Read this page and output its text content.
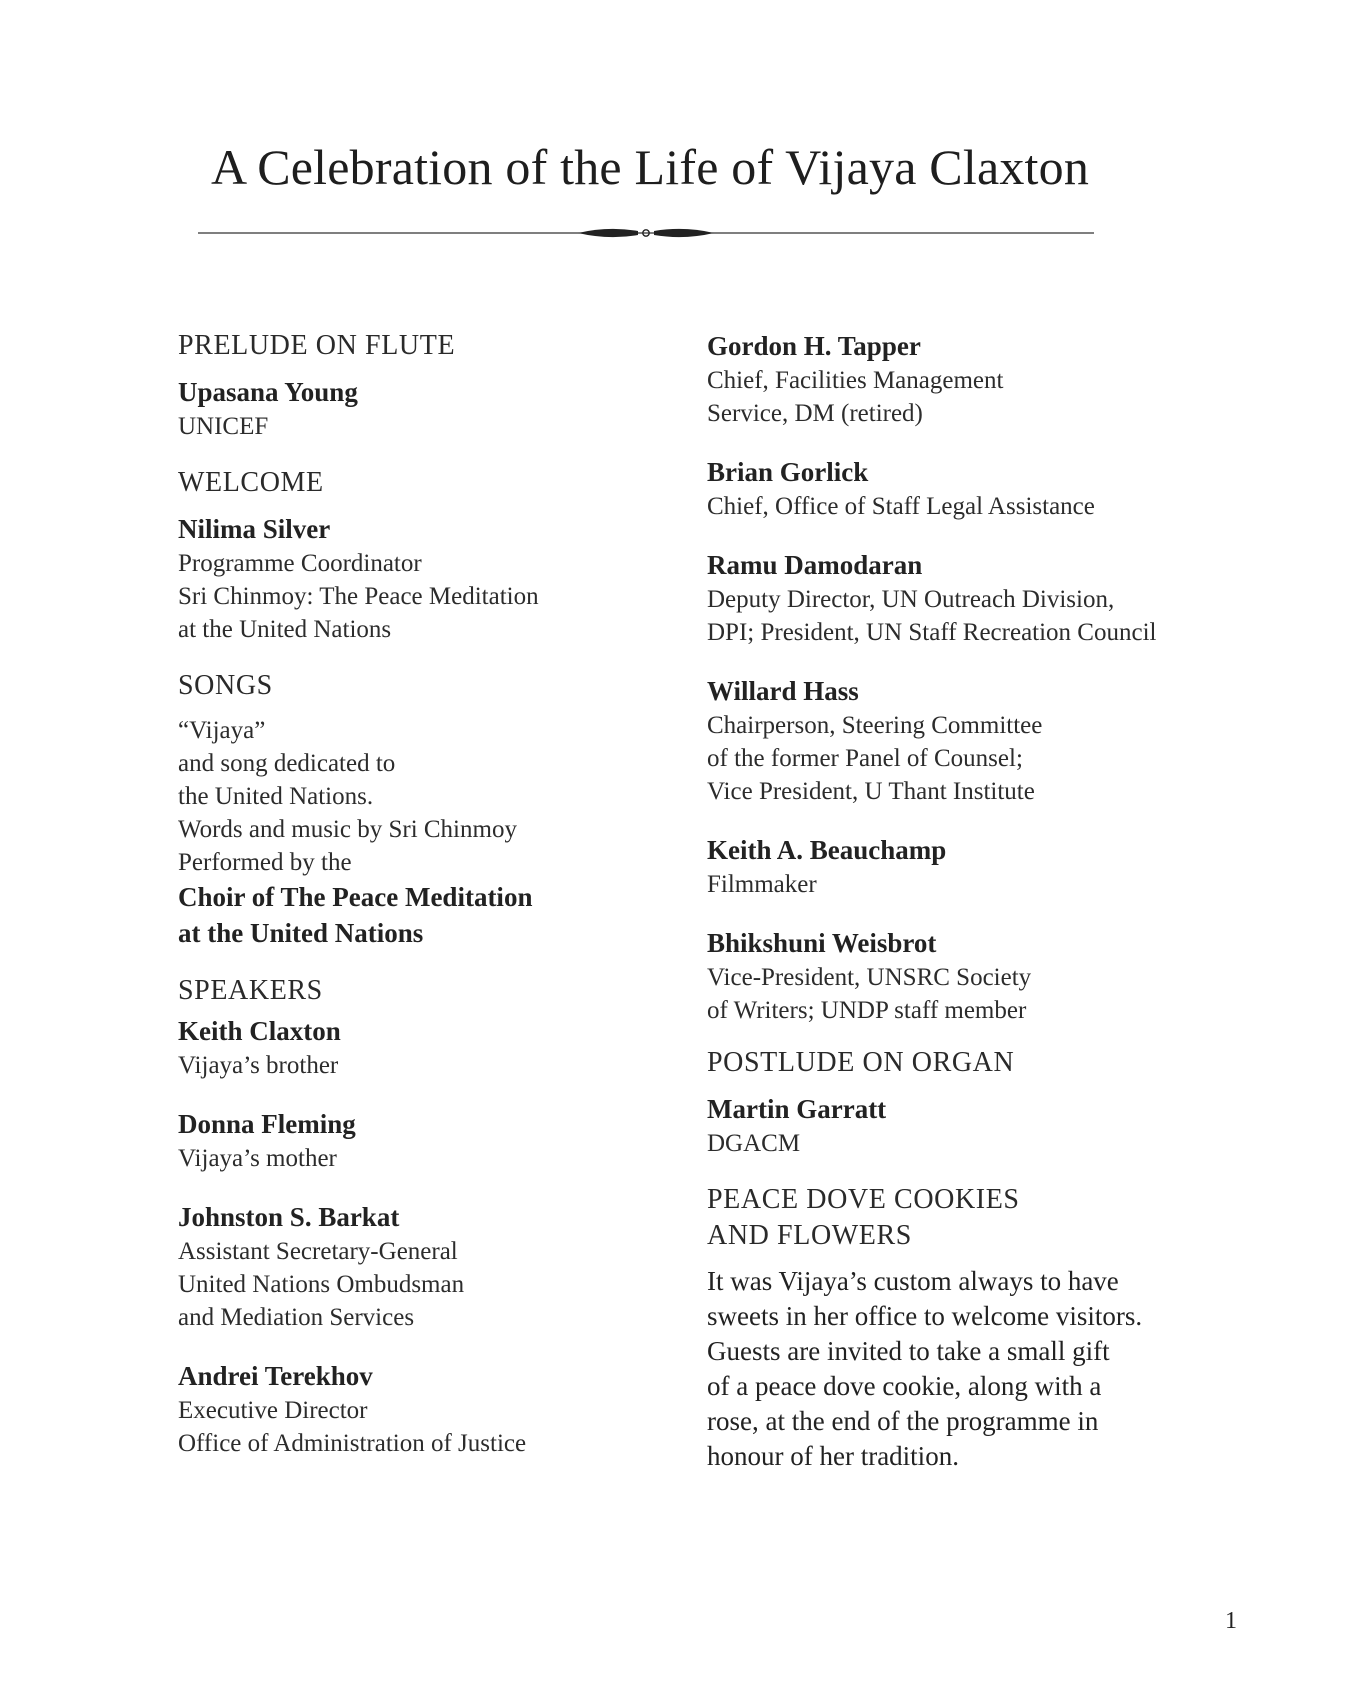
A Celebration of the Life of Vijaya Claxton

PRELUDE ON FLUTE

Upasana Young

UNICEF

WELCOME

Nilima Silver

Programme Coordinator

Sri Chinmoy: The Peace Meditation

at the United Nations

SONGS

“Vijaya”

and song dedicated to

the United Nations.

Words and music by Sri Chinmoy

Performed by the

Choir of The Peace Meditation

at the United Nations

SPEAKERS

Keith Claxton

Vijaya’s brother

Donna Fleming

Vijaya’s mother

Johnston S. Barkat

Assistant Secretary-General

United Nations Ombudsman

and Mediation Services

Andrei Terekhov

Executive Director

Office of Administration of Justice

Gordon H. Tapper

Chief, Facilities Management

Service, DM (retired)

Brian Gorlick

Chief, Office of Staff Legal Assistance

Ramu Damodaran

Deputy Director, UN Outreach Division,

DPI; President, UN Staff Recreation Council

Willard Hass

Chairperson, Steering Committee

of the former Panel of Counsel;

Vice President, U Thant Institute

Keith A. Beauchamp

Filmmaker

Bhikshuni Weisbrot

Vice-President, UNSRC Society

of Writers; UNDP staff member

POSTLUDE ON ORGAN

Martin Garratt

DGACM

PEACE DOVE COOKIES

AND FLOWERS

It was Vijaya’s custom always to have

sweets in her office to welcome visitors.

Guests are invited to take a small gift

of a peace dove cookie, along with a

rose, at the end of the programme in

honour of her tradition.

1
